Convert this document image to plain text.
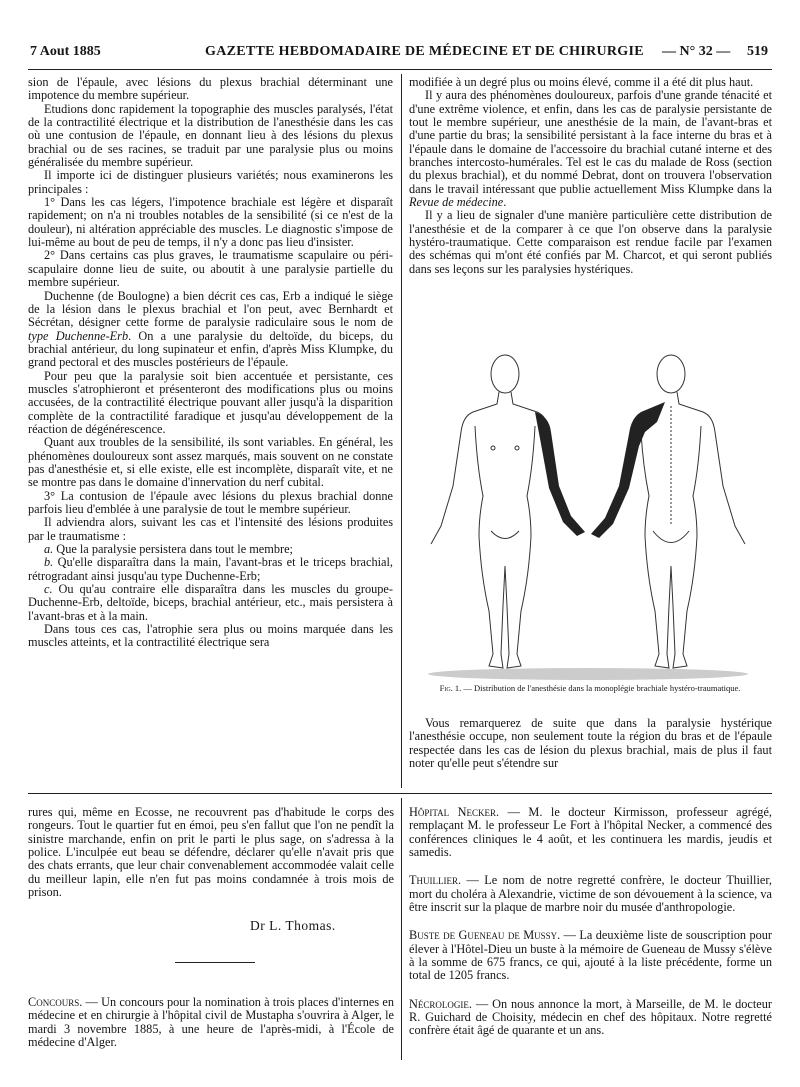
7 Aout 1885	GAZETTE HEBDOMADAIRE DE MÉDECINE ET DE CHIRURGIE — N° 32 — 519

sion de l'épaule, avec lésions du plexus brachial déterminant une impotence du membre supérieur.

Etudions donc rapidement la topographie des muscles paralysés, l'état de la contractilité électrique et la distribution de l'anesthésie dans les cas où une contusion de l'épaule, en donnant lieu à des lésions du plexus brachial ou de ses racines, se traduit par une paralysie plus ou moins généralisée du membre supérieur.

Il importe ici de distinguer plusieurs variétés; nous examinerons les principales :

1° Dans les cas légers, l'impotence brachiale est légère et disparaît rapidement; on n'a ni troubles notables de la sensibilité (si ce n'est de la douleur), ni altération appréciable des muscles. Le diagnostic s'impose de lui-même au bout de peu de temps, il n'y a donc pas lieu d'insister.

2° Dans certains cas plus graves, le traumatisme scapulaire ou péri-scapulaire donne lieu de suite, ou aboutit à une paralysie partielle du membre supérieur.

Duchenne (de Boulogne) a bien décrit ces cas, Erb a indiqué le siège de la lésion dans le plexus brachial et l'on peut, avec Bernhardt et Sécrétan, désigner cette forme de paralysie radiculaire sous le nom de type Duchenne-Erb. On a une paralysie du deltoïde, du biceps, du brachial antérieur, du long supinateur et enfin, d'après Miss Klumpke, du grand pectoral et des muscles postérieurs de l'épaule.

Pour peu que la paralysie soit bien accentuée et persistante, ces muscles s'atrophieront et présenteront des modifications plus ou moins accusées, de la contractilité électrique pouvant aller jusqu'à la disparition complète de la contractilité faradique et jusqu'au développement de la réaction de dégénérescence.

Quant aux troubles de la sensibilité, ils sont variables. En général, les phénomènes douloureux sont assez marqués, mais souvent on ne constate pas d'anesthésie et, si elle existe, elle est incomplète, disparaît vite, et ne se montre pas dans le domaine d'innervation du nerf cubital.

3° La contusion de l'épaule avec lésions du plexus brachial donne parfois lieu d'emblée à une paralysie de tout le membre supérieur.

Il adviendra alors, suivant les cas et l'intensité des lésions produites par le traumatisme :

a. Que la paralysie persistera dans tout le membre;

b. Qu'elle disparaîtra dans la main, l'avant-bras et le triceps brachial, rétrogradant ainsi jusqu'au type Duchenne-Erb;

c. Ou qu'au contraire elle disparaîtra dans les muscles du groupe-Duchenne-Erb, deltoïde, biceps, brachial antérieur, etc., mais persistera à l'avant-bras et à la main.

Dans tous ces cas, l'atrophie sera plus ou moins marquée dans les muscles atteints, et la contractilité électrique sera

modifiée à un degré plus ou moins élevé, comme il a été dit plus haut.

Il y aura des phénomènes douloureux, parfois d'une grande ténacité et d'une extrême violence, et enfin, dans les cas de paralysie persistante de tout le membre supérieur, une anesthésie de la main, de l'avant-bras et d'une partie du bras; la sensibilité persistant à la face interne du bras et à l'épaule dans le domaine de l'accessoire du brachial cutané interne et des branches intercosto-humérales. Tel est le cas du malade de Ross (section du plexus brachial), et du nommé Debrat, dont on trouvera l'observation dans le travail intéressant que publie actuellement Miss Klumpke dans la Revue de médecine.

Il y a lieu de signaler d'une manière particulière cette distribution de l'anesthésie et de la comparer à ce que l'on observe dans la paralysie hystéro-traumatique. Cette comparaison est rendue facile par l'examen des schémas qui m'ont été confiés par M. Charcot, et qui seront publiés dans ses leçons sur les paralysies hystériques.

Fig. 1. — Distribution de l'anesthésie dans la monoplégie brachiale hystéro-traumatique.

Vous remarquerez de suite que dans la paralysie hystérique l'anesthésie occupe, non seulement toute la région du bras et de l'épaule respectée dans les cas de lésion du plexus brachial, mais de plus il faut noter qu'elle peut s'étendre sur

rures qui, même en Ecosse, ne recouvrent pas d'habitude le corps des rongeurs. Tout le quartier fut en émoi, peu s'en fallut que l'on ne pendît la sinistre marchande, enfin on prit le parti le plus sage, on s'adressa à la police. L'inculpée eut beau se défendre, déclarer qu'elle n'avait pris que des chats errants, que leur chair convenablement accommodée valait celle du meilleur lapin, elle n'en fut pas moins condamnée à trois mois de prison.

Dr L. Thomas.
Concours. — Un concours pour la nomination à trois places d'internes en médecine et en chirurgie à l'hôpital civil de Mustapha s'ouvrira à Alger, le mardi 3 novembre 1885, à une heure de l'après-midi, à l'École de médecine d'Alger.

Hôpital Necker. — M. le docteur Kirmisson, professeur agrégé, remplaçant M. le professeur Le Fort à l'hôpital Necker, a commencé des conférences cliniques le 4 août, et les continuera les mardis, jeudis et samedis.

Thuillier. — Le nom de notre regretté confrère, le docteur Thuillier, mort du choléra à Alexandrie, victime de son dévouement à la science, va être inscrit sur la plaque de marbre noir du musée d'anthropologie.

Buste de Gueneau de Mussy. — La deuxième liste de souscription pour élever à l'Hôtel-Dieu un buste à la mémoire de Gueneau de Mussy s'élève à la somme de 675 francs, ce qui, ajouté à la liste précédente, forme un total de 1205 francs.

Nécrologie. — On nous annonce la mort, à Marseille, de M. le docteur R. Guichard de Choisity, médecin en chef des hôpitaux. Notre regretté confrère était âgé de quarante et un ans.
